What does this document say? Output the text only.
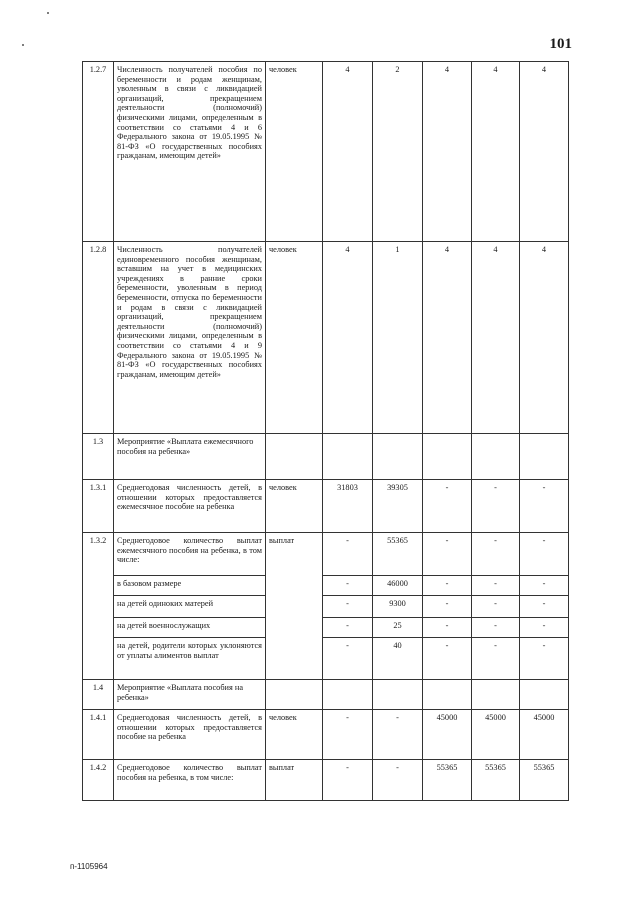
101
1.2.7	Численность получателей пособия по беременности и родам женщинам, уволенным в связи с ликвидацией организаций, прекращением деятельности (полномочий) физическими лицами, определенным в соответствии со статьями 4 и 6 Федерального закона от 19.05.1995 № 81-ФЗ «О государственных пособиях гражданам, имеющим детей»	человек	4	2	4	4	4
1.2.8	Численность получателей единовременного пособия женщинам, вставшим на учет в медицинских учреждениях в ранние сроки беременности, уволенным в период беременности, отпуска по беременности и родам в связи с ликвидацией организаций, прекращением деятельности (полномочий) физическими лицами, определенным в соответствии со статьями 4 и 9 Федерального закона от 19.05.1995 № 81-ФЗ «О государственных пособиях гражданам, имеющим детей»	человек	4	1	4	4	4
1.3	Мероприятие «Выплата ежемесячного пособия на ребенка»						
1.3.1	Среднегодовая численность детей, в отношении которых предоставляется ежемесячное пособие на ребенка	человек	31803	39305	-	-	-
1.3.2	Среднегодовое количество выплат ежемесячного пособия на ребенка, в том числе:	выплат	-	55365	-	-	-
	в базовом размере		-	46000	-	-	-
	на детей одиноких матерей		-	9300	-	-	-
	на детей военнослужащих		-	25	-	-	-
	на детей, родители которых уклоняются от уплаты алиментов выплат		-	40	-	-	-
1.4	Мероприятие «Выплата пособия на ребенка»						
1.4.1	Среднегодовая численность детей, в отношении которых предоставляется пособие на ребенка	человек	-	-	45000	45000	45000
1.4.2	Среднегодовое количество выплат пособия на ребенка, в том числе:	выплат	-	-	55365	55365	55365
п-1105964
